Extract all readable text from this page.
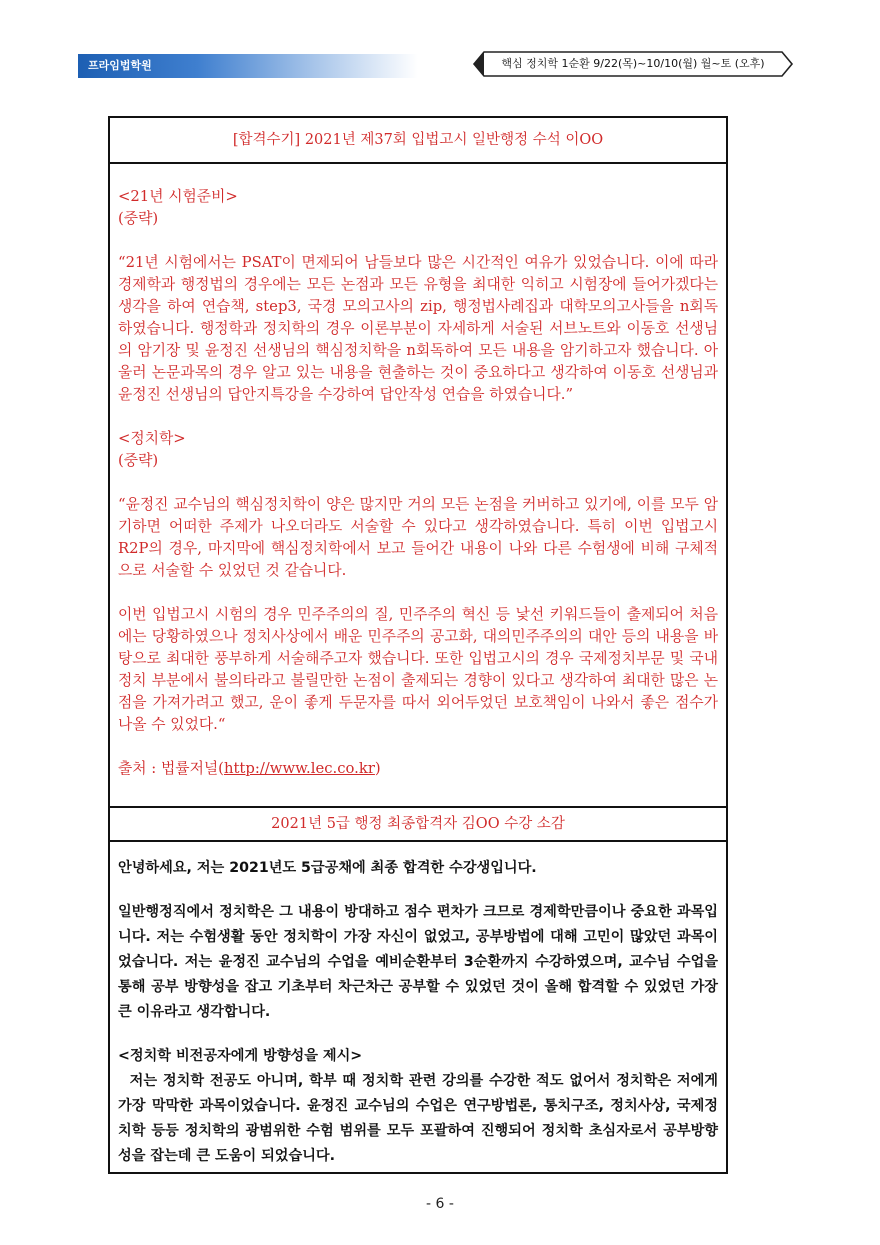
프라임법학원	핵심 정치학 1순환 9/22(목)~10/10(월) 월~토 (오후)
[합격수기] 2021년 제37회 입법고시 일반행정 수석 이OO

<21년 시험준비>

(중략)

“21년 시험에서는 PSAT이 면제되어 남들보다 많은 시간적인 여유가 있었습니다. 이에 따라 경제학과 행정법의 경우에는 모든 논점과 모든 유형을 최대한 익히고 시험장에 들어가겠다는 생각을 하여 연습책, step3, 국경 모의고사의 zip, 행정법사례집과 대학모의고사들을 n회독 하였습니다. 행정학과 정치학의 경우 이론부분이 자세하게 서술된 서브노트와 이동호 선생님의 암기장 및 윤정진 선생님의 핵심정치학을 n회독하여 모든 내용을 암기하고자 했습니다. 아울러 논문과목의 경우 알고 있는 내용을 현출하는 것이 중요하다고 생각하여 이동호 선생님과 윤정진 선생님의 답안지특강을 수강하여 답안작성 연습을 하였습니다.”

<정치학>

(중략)

“윤정진 교수님의 핵심정치학이 양은 많지만 거의 모든 논점을 커버하고 있기에, 이를 모두 암기하면 어떠한 주제가 나오더라도 서술할 수 있다고 생각하였습니다. 특히 이번 입법고시 R2P의 경우, 마지막에 핵심정치학에서 보고 들어간 내용이 나와 다른 수험생에 비해 구체적으로 서술할 수 있었던 것 같습니다.

이번 입법고시 시험의 경우 민주주의의 질, 민주주의 혁신 등 낯선 키워드들이 출제되어 처음에는 당황하였으나 정치사상에서 배운 민주주의 공고화, 대의민주주의의 대안 등의 내용을 바탕으로 최대한 풍부하게 서술해주고자 했습니다. 또한 입법고시의 경우 국제정치부문 및 국내정치 부분에서 불의타라고 불릴만한 논점이 출제되는 경향이 있다고 생각하여 최대한 많은 논점을 가져가려고 했고, 운이 좋게 두문자를 따서 외어두었던 보호책임이 나와서 좋은 점수가 나올 수 있었다.“

출처 : 법률저널(http://www.lec.co.kr)

2021년 5급 행정 최종합격자 김OO 수강 소감

안녕하세요, 저는 2021년도 5급공채에 최종 합격한 수강생입니다.

일반행정직에서 정치학은 그 내용이 방대하고 점수 편차가 크므로 경제학만큼이나 중요한 과목입니다. 저는 수험생활 동안 정치학이 가장 자신이 없었고, 공부방법에 대해 고민이 많았던 과목이었습니다. 저는 윤정진 교수님의 수업을 예비순환부터 3순환까지 수강하였으며, 교수님 수업을 통해 공부 방향성을 잡고 기초부터 차근차근 공부할 수 있었던 것이 올해 합격할 수 있었던 가장 큰 이유라고 생각합니다.

<정치학 비전공자에게 방향성을 제시>

저는 정치학 전공도 아니며, 학부 때 정치학 관련 강의를 수강한 적도 없어서 정치학은 저에게 가장 막막한 과목이었습니다. 윤정진 교수님의 수업은 연구방법론, 통치구조, 정치사상, 국제정치학 등등 정치학의 광범위한 수험 범위를 모두 포괄하여 진행되어 정치학 초심자로서 공부방향성을 잡는데 큰 도움이 되었습니다.

- 6 -
